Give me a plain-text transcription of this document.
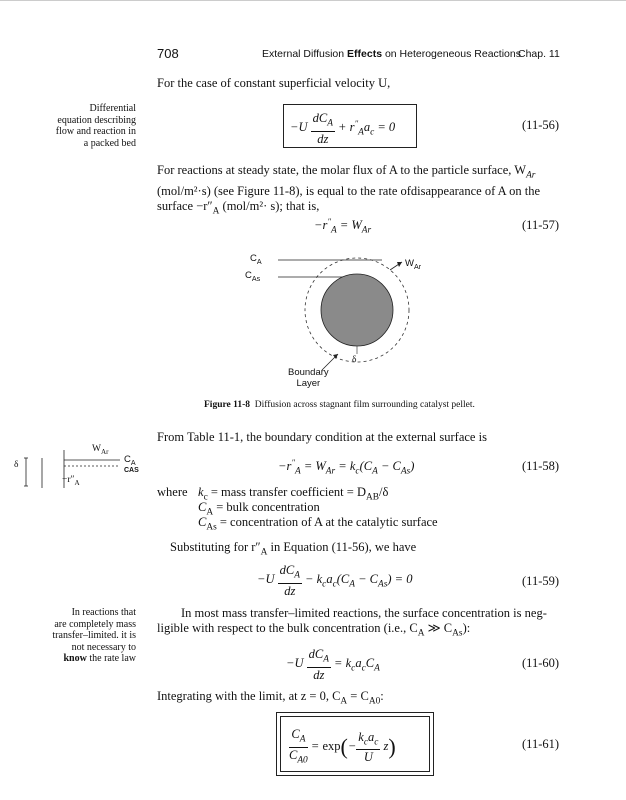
708	External Diffusion Effects on Heterogeneous Reactions
Chap. 11
For the case of constant superficial velocity U,
Differential
equation describing
flow and reaction in
a packed bed
$-U \frac{dC_A}{dz} + r''_Aa_c = 0$	(11-56)
For reactions at steady state, the molar flux of A to the particle surface, $W_{Ar}$
(mol/m²·s) (see Figure 11-8), is equal to the rate ofdisappearance of A on the
surface $-r''_A$ (mol/m²· s); that is,
$-r''_A = W_{Ar}$	(11-57)
$C_A$
$C_{As}$
$W_{Ar}$
δ
Boundary
Layer
Figure 11-8 Diffusion across stagnant film surrounding catalyst pellet.
From Table 11-1, the boundary condition at the external surface is
$W_{Ar}$
$C_A$
CAS
δ
$-r''_A$
$-r''_A = W_{Ar} = k_c(C_A - C_{As})$	(11-58)
where $k_c$ = mass transfer coefficient = $D_{AB}/\delta$
$C_A$ = bulk concentration
$C_{As}$ = concentration of A at the catalytic surface
Substituting for $r''_A$ in Equation (11-56), we have
$-U \frac{dC_A}{dz} - k_ca_c(C_A - C_{As}) = 0$	(11-59)
In reactions that
are completely mass
transfer–limited. it is
not necessary to
know the rate law
In most mass transfer–limited reactions, the surface concentration is neg-
ligible with respect to the bulk concentration (i.e., $C_A$ ≫ $C_{As}$):
$-U \frac{dC_A}{dz} = k_ca_cC_A$	(11-60)
Integrating with the limit, at z = 0, $C_A = C_{A0}$:
$\frac{C_A}{C_{A0}} = \exp(- \frac{k_ca_c}{U} z)$	(11-61)
